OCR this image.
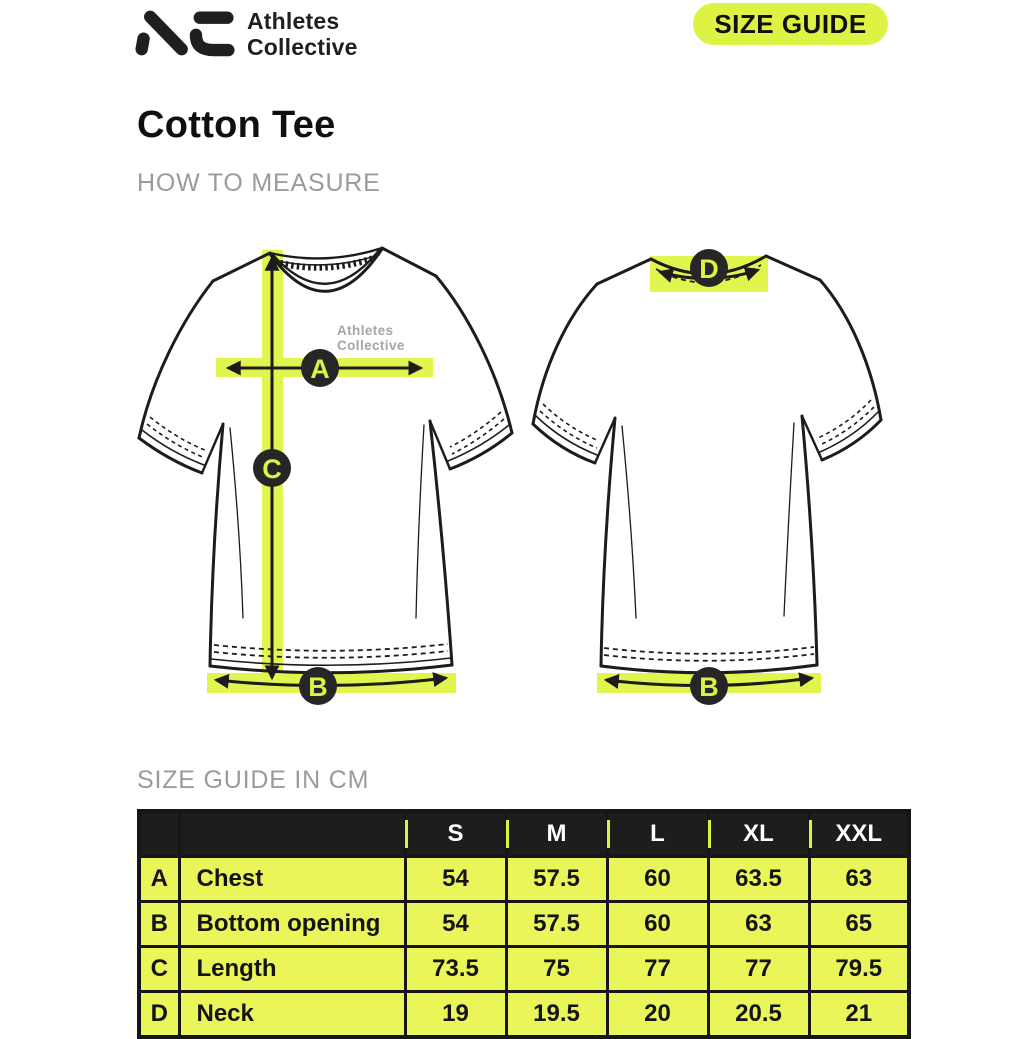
Athletes
Collective
SIZE GUIDE
Cotton Tee
HOW TO MEASURE
Athletes
Collective
A
C
B
D
B
SIZE GUIDE IN CM
		S	M	L	XL	XXL
A	Chest	54	57.5	60	63.5	63
B	Bottom opening	54	57.5	60	63	65
C	Length	73.5	75	77	77	79.5
D	Neck	19	19.5	20	20.5	21
